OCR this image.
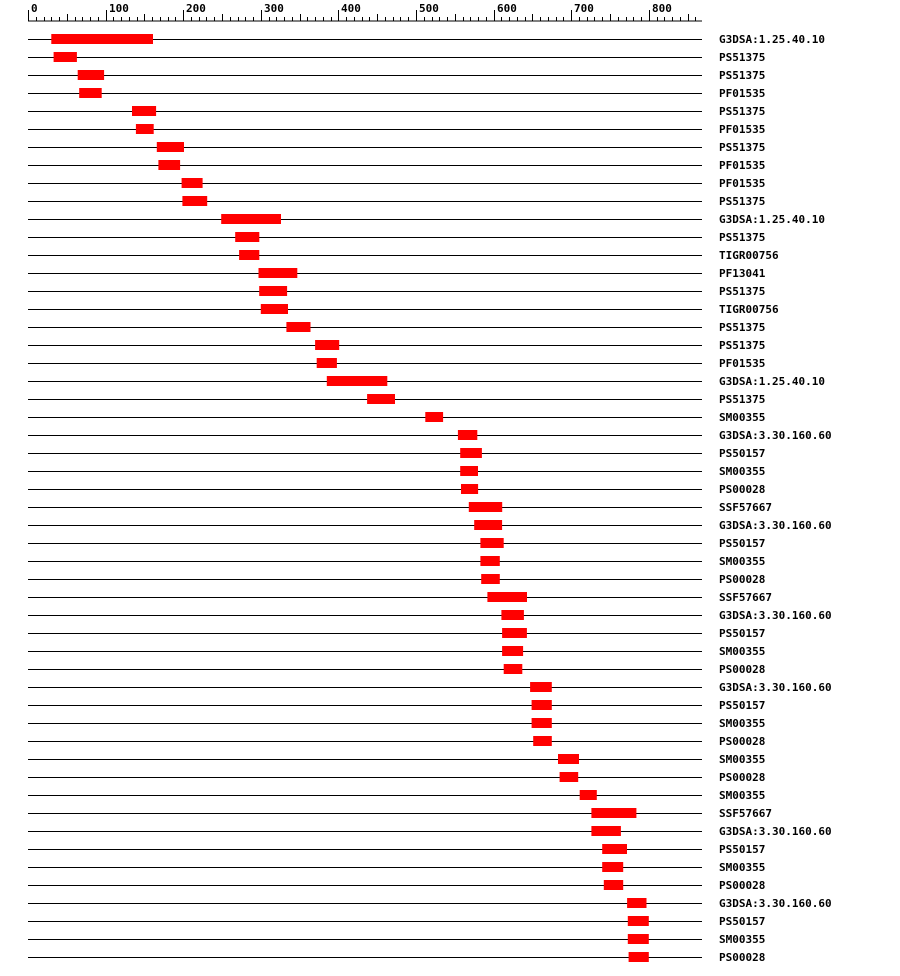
0	100	200	300	400	500	600	700	800
G3DSA:1.25.40.10
PS51375
PS51375
PF01535
PS51375
PF01535
PS51375
PF01535
PF01535
PS51375
G3DSA:1.25.40.10
PS51375
TIGR00756
PF13041
PS51375
TIGR00756
PS51375
PS51375
PF01535
G3DSA:1.25.40.10
PS51375
SM00355
G3DSA:3.30.160.60
PS50157
SM00355
PS00028
SSF57667
G3DSA:3.30.160.60
PS50157
SM00355
PS00028
SSF57667
G3DSA:3.30.160.60
PS50157
SM00355
PS00028
G3DSA:3.30.160.60
PS50157
SM00355
PS00028
SM00355
PS00028
SM00355
SSF57667
G3DSA:3.30.160.60
PS50157
SM00355
PS00028
G3DSA:3.30.160.60
PS50157
SM00355
PS00028
